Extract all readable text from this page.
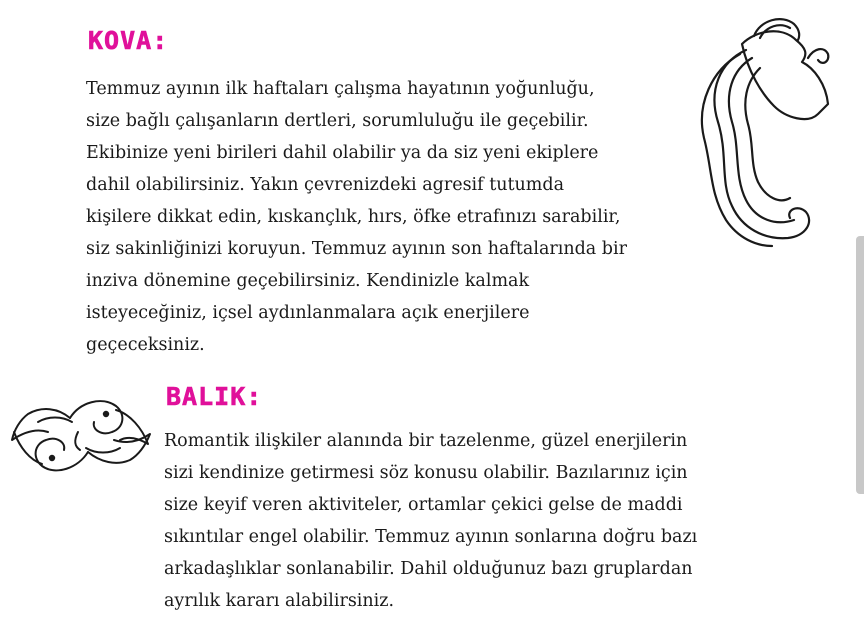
KOVA:

Temmuz ayının ilk haftaları çalışma hayatının yoğunluğu,
size bağlı çalışanların dertleri, sorumluluğu ile geçebilir.
Ekibinize yeni birileri dahil olabilir ya da siz yeni ekiplere
dahil olabilirsiniz. Yakın çevrenizdeki agresif tutumda
kişilere dikkat edin, kıskançlık, hırs, öfke etrafınızı sarabilir,
siz sakinliğinizi koruyun. Temmuz ayının son haftalarında bir
inziva dönemine geçebilirsiniz. Kendinizle kalmak
isteyeceğiniz, içsel aydınlanmalara açık enerjilere
geçeceksiniz.

BALIK:

Romantik ilişkiler alanında bir tazelenme, güzel enerjilerin
sizi kendinize getirmesi söz konusu olabilir. Bazılarınız için
size keyif veren aktiviteler, ortamlar çekici gelse de maddi
sıkıntılar engel olabilir. Temmuz ayının sonlarına doğru bazı
arkadaşlıklar sonlanabilir. Dahil olduğunuz bazı gruplardan
ayrılık kararı alabilirsiniz.
